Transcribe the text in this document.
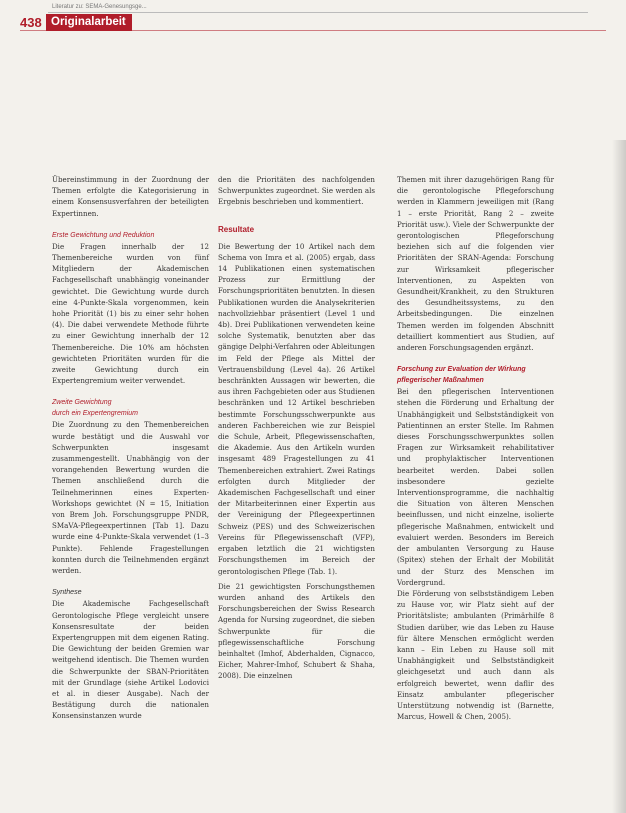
Literatur zu: SEMA-Genesungsge...
438 Originalarbeit

Übereinstimmung in der Zuordnung der Themen erfolgte die Kategorisierung in einem Konsensusverfahren der beteiligten Expertinnen.

Erste Gewichtung und Reduktion

Die Fragen innerhalb der 12 Themenbereiche wurden von fünf Mitgliedern der Akademischen Fachgesellschaft unabhängig voneinander gewichtet. Die Gewichtung wurde durch eine 4-Punkte-Skala vorgenommen, kein hohe Priorität (1) bis zu einer sehr hohen (4). Die dabei verwendete Methode führte zu einer Gewichtung innerhalb der 12 Themenbereiche. Die 10% am höchsten gewichteten Prioritäten wurden für die zweite Gewichtung durch ein Expertengremium weiter verwendet.

Zweite Gewichtung

durch ein Expertengremium

Die Zuordnung zu den Themenbereichen wurde bestätigt und die Auswahl vor Schwerpunkten insgesamt zusammengestellt. Unabhängig von der vorangehenden Bewertung wurden die Themen anschließend durch die Teilnehmerinnen eines Experten-Workshops gewichtet (N = 15, Initiation von Brem Joh. Forschungsgruppe PNDR, SMaVA-Pflegeexpertinnen [Tab 1]. Dazu wurde eine 4-Punkte-Skala verwendet (1–3 Punkte). Fehlende Fragestellungen konnten durch die Teilnehmenden ergänzt werden.

Synthese

Die Akademische Fachgesellschaft Gerontologische Pflege vergleicht unsere Konsensresultate der beiden Expertengruppen mit dem eigenen Rating. Die Gewichtung der beiden Gremien war weitgehend identisch. Die Themen wurden die Schwerpunkte der SBAN-Prioritäten mit der Grundlage (siehe Artikel Lodovici et al. in dieser Ausgabe). Nach der Bestätigung durch die nationalen Konsensinstanzen wurde

den die Prioritäten des nachfolgenden Schwerpunktes zugeordnet. Sie werden als Ergebnis beschrieben und kommentiert.

Resultate

Die Bewertung der 10 Artikel nach dem Schema von Imra et al. (2005) ergab, dass 14 Publikationen einen systematischen Prozess zur Ermittlung der Forschungsprioritäten benutzten. In diesen Publikationen wurden die Analysekriterien nachvollziehbar präsentiert (Level 1 und 4b). Drei Publikationen verwendeten keine solche Systematik, benutzten aber das gängige Delphi-Verfahren oder Ableitungen im Feld der Pflege als Mittel der Vertrauensbildung (Level 4a). 26 Artikel beschränkten Aussagen wir bewerten, die aus ihren Fachgebieten oder aus Studienen beschränken und 12 Artikel beschrieben bestimmte Forschungsschwerpunkte aus anderen Fachbereichen wie zur Beispiel die Schule, Arbeit, Pflegewissenschaften, die Akademie. Aus den Artikeln wurden insgesamt 489 Fragestellungen zu 41 Themenbereichen extrahiert. Zwei Ratings erfolgten durch Mitglieder der Akademischen Fachgesellschaft und einer der Mitarbeiterinnen einer Expertin aus der Vereinigung der Pflegeexpertinnen Schweiz (PES) und des Schweizerischen Vereins für Pflegewissenschaft (VFP), ergaben letztlich die 21 wichtigsten Forschungsthemen im Bereich der gerontologischen Pflege (Tab. 1).

Die 21 gewichtigsten Forschungsthemen wurden anhand des Artikels den Forschungsbereichen der Swiss Research Agenda for Nursing zugeordnet, die sieben Schwerpunkte für die pflegewissenschaftliche Forschung beinhaltet (Imhof, Abderhalden, Cignacco, Eicher, Mahrer-Imhof, Schubert & Shaha, 2008). Die einzelnen

Themen mit ihrer dazugehörigen Rang für die gerontologische Pflegeforschung werden in Klammern jeweiligen mit (Rang 1 – erste Priorität, Rang 2 – zweite Priorität usw.). Viele der Schwerpunkte der gerontologischen Pflegeforschung beziehen sich auf die folgenden vier Prioritäten der SRAN-Agenda: Forschung zur Wirksamkeit pflegerischer Interventionen, zu Aspekten von Gesundheit/Krankheit, zu den Strukturen des Gesundheitssystems, zu den Arbeitsbedingungen. Die einzelnen Themen werden im folgenden Abschnitt detailliert kommentiert aus Studien, auf anderen Forschungsagenden ergänzt.

Forschung zur Evaluation der Wirkung

pflegerischer Maßnahmen

Bei den pflegerischen Interventionen stehen die Förderung und Erhaltung der Unabhängigkeit und Selbstständigkeit von Patientinnen an erster Stelle. Im Rahmen dieses Forschungsschwerpunktes sollen Fragen zur Wirksamkeit rehabilitativer und prophylaktischer Interventionen bearbeitet werden. Dabei sollen insbesondere gezielte Interventionsprogramme, die nachhaltig die Situation von älteren Menschen beeinflussen, und nicht einzelne, isolierte pflegerische Maßnahmen, entwickelt und evaluiert werden. Besonders im Bereich der ambulanten Versorgung zu Hause (Spitex) stehen der Erhalt der Mobilität und der Sturz des Menschen im Vordergrund.

Die Förderung von selbstständigem Leben zu Hause vor, wir Platz sieht auf der Prioritätsliste; ambulanten (Primärhilfe 8 Studien darüber, wie das Leben zu Hause für ältere Menschen ermöglicht werden kann – Ein Leben zu Hause soll mit Unabhängigkeit und Selbstständigkeit gleichgesetzt und auch dann als erfolgreich bewertet, wenn daflir des Einsatz ambulanter pflegerischer Unterstützung notwendig ist (Barnette, Marcus, Howell & Chen, 2005).
